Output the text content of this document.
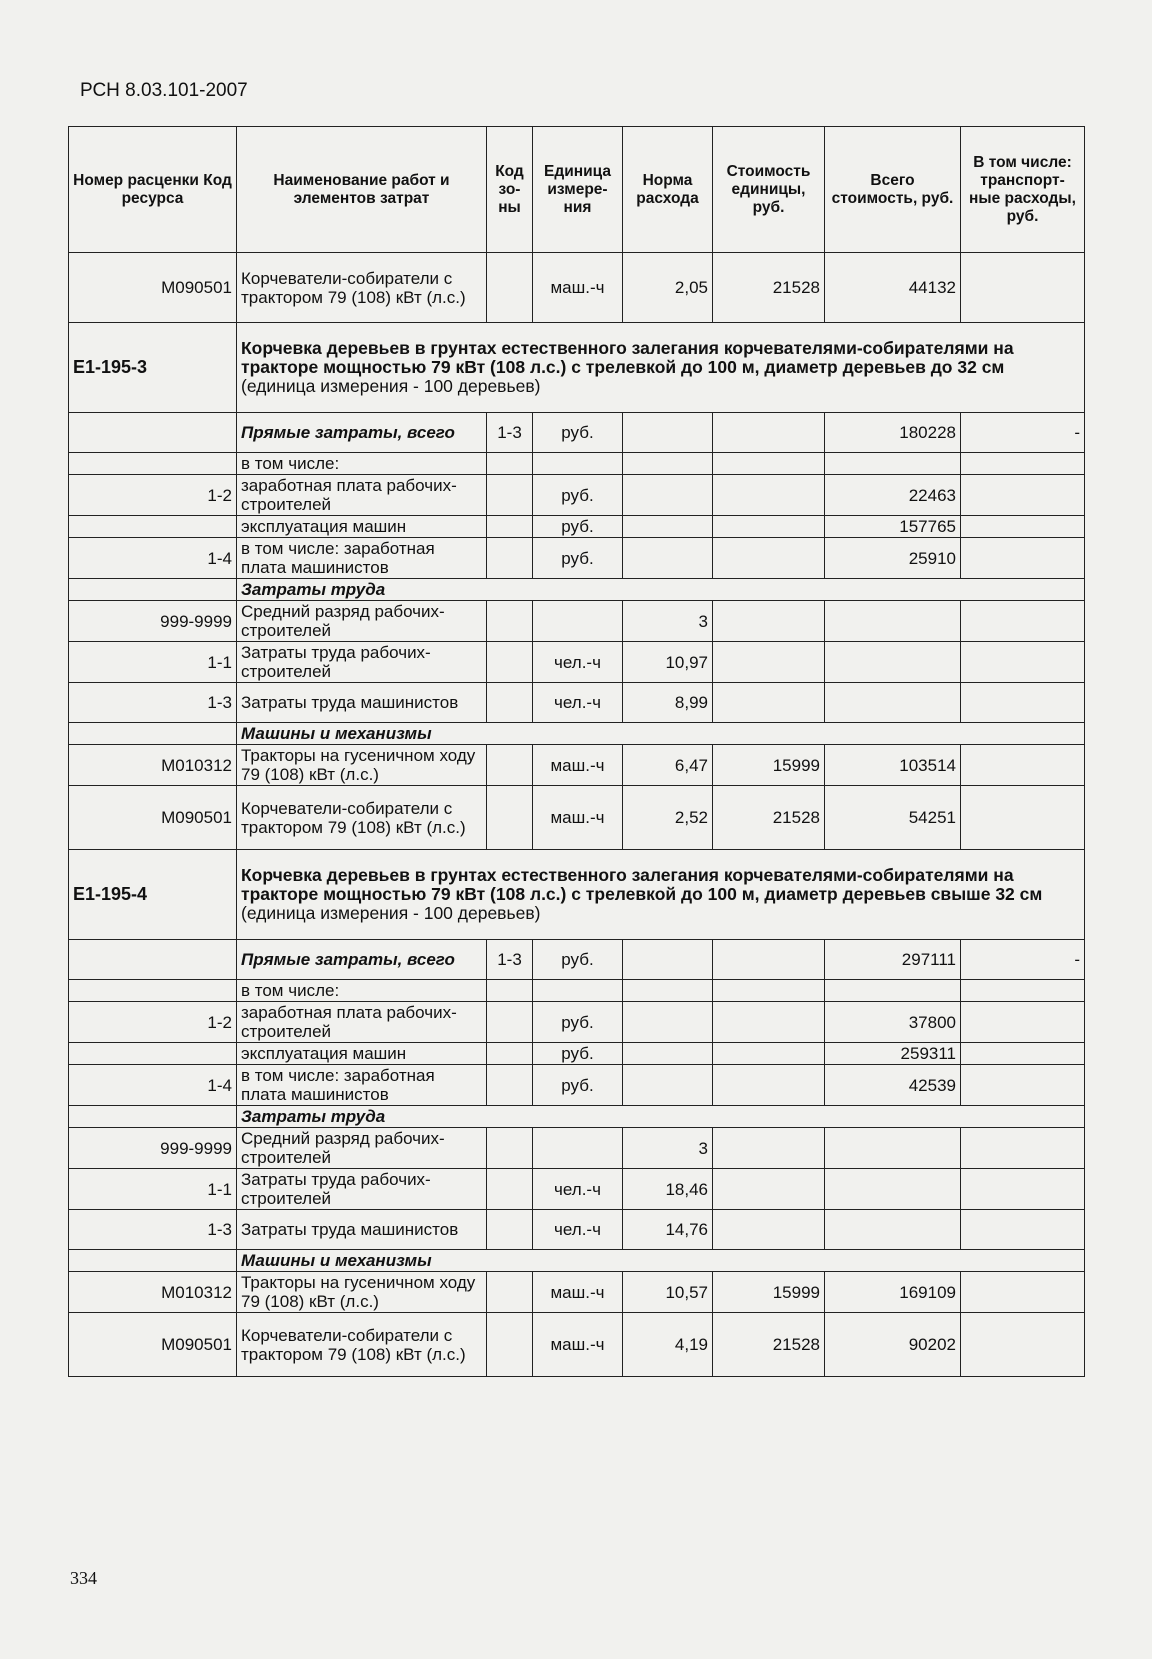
РСН 8.03.101-2007
Номер расценки Код ресурса	Наименование работ и элементов затрат	Код зо-ны	Единица измере-ния	Норма расхода	Стоимость единицы, руб.	Всего стоимость, руб.	В том числе: транспорт-ные расходы, руб.
М090501	Корчеватели-собиратели с трактором 79 (108) кВт (л.с.)		маш.-ч	2,05	21528	44132	
Е1-195-3	Корчевка деревьев в грунтах естественного залегания корчевателями-собирателями на тракторе мощностью 79 кВт (108 л.с.) с трелевкой до 100 м, диаметр деревьев до 32 см
(единица измерения - 100 деревьев)						

	Прямые затраты, всего	1-3	руб.			180228	-
	в том числе:						
1-2	заработная плата рабочих-строителей		руб.			22463	
	эксплуатация машин		руб.			157765	
1-4	в том числе: заработная плата машинистов		руб.			25910	
	Затраты труда						
999-9999	Средний разряд рабочих-строителей			3			
1-1	Затраты труда рабочих-строителей		чел.-ч	10,97			
1-3	Затраты труда машинистов		чел.-ч	8,99			
	Машины и механизмы						
М010312	Тракторы на гусеничном ходу 79 (108) кВт (л.с.)		маш.-ч	6,47	15999	103514	
М090501	Корчеватели-собиратели с трактором 79 (108) кВт (л.с.)		маш.-ч	2,52	21528	54251	
Е1-195-4	Корчевка деревьев в грунтах естественного залегания корчевателями-собирателями на тракторе мощностью 79 кВт (108 л.с.) с трелевкой до 100 м, диаметр деревьев свыше 32 см
(единица измерения - 100 деревьев)						

	Прямые затраты, всего	1-3	руб.			297111	-
	в том числе:						
1-2	заработная плата рабочих-строителей		руб.			37800	
	эксплуатация машин		руб.			259311	
1-4	в том числе: заработная плата машинистов		руб.			42539	
	Затраты труда						
999-9999	Средний разряд рабочих-строителей			3			
1-1	Затраты труда рабочих-строителей		чел.-ч	18,46			
1-3	Затраты труда машинистов		чел.-ч	14,76			
	Машины и механизмы						
М010312	Тракторы на гусеничном ходу 79 (108) кВт (л.с.)		маш.-ч	10,57	15999	169109	
М090501	Корчеватели-собиратели с трактором 79 (108) кВт (л.с.)		маш.-ч	4,19	21528	90202	
334
